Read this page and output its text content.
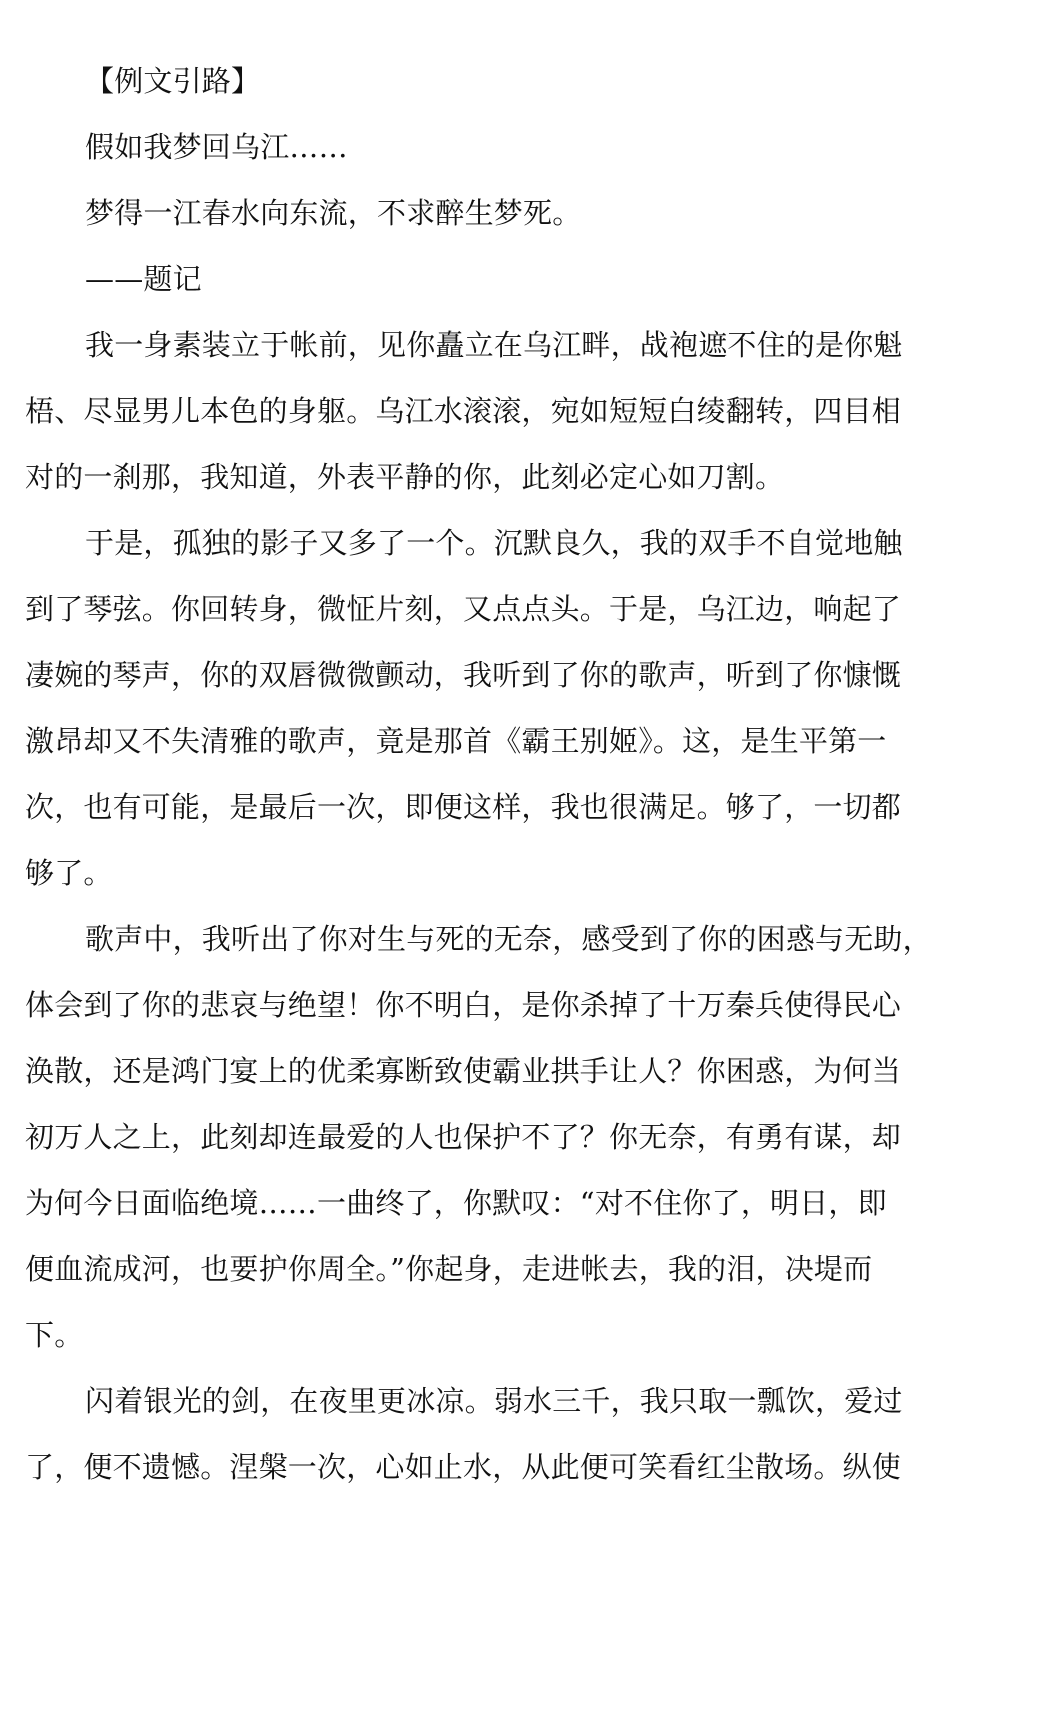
【例文引路】
假如我梦回乌江……
梦得一江春水向东流，不求醉生梦死。
——题记
我一身素装立于帐前，见你矗立在乌江畔，战袍遮不住的是你魁
梧、尽显男儿本色的身躯。乌江水滚滚，宛如短短白绫翻转，四目相
对的一刹那，我知道，外表平静的你，此刻必定心如刀割。
于是，孤独的影子又多了一个。沉默良久，我的双手不自觉地触
到了琴弦。你回转身，微怔片刻，又点点头。于是，乌江边，响起了
凄婉的琴声，你的双唇微微颤动，我听到了你的歌声，听到了你慷慨
激昂却又不失清雅的歌声，竟是那首《霸王别姬》。这，是生平第一
次，也有可能，是最后一次，即便这样，我也很满足。够了，一切都
够了。
歌声中，我听出了你对生与死的无奈，感受到了你的困惑与无助，
体会到了你的悲哀与绝望！你不明白，是你杀掉了十万秦兵使得民心
涣散，还是鸿门宴上的优柔寡断致使霸业拱手让人？你困惑，为何当
初万人之上，此刻却连最爱的人也保护不了？你无奈，有勇有谋，却
为何今日面临绝境……一曲终了，你默叹：“对不住你了，明日，即
便血流成河，也要护你周全。”你起身，走进帐去，我的泪，决堤而
下。
闪着银光的剑，在夜里更冰凉。弱水三千，我只取一瓢饮，爱过
了，便不遗憾。涅槃一次，心如止水，从此便可笑看红尘散场。纵使
